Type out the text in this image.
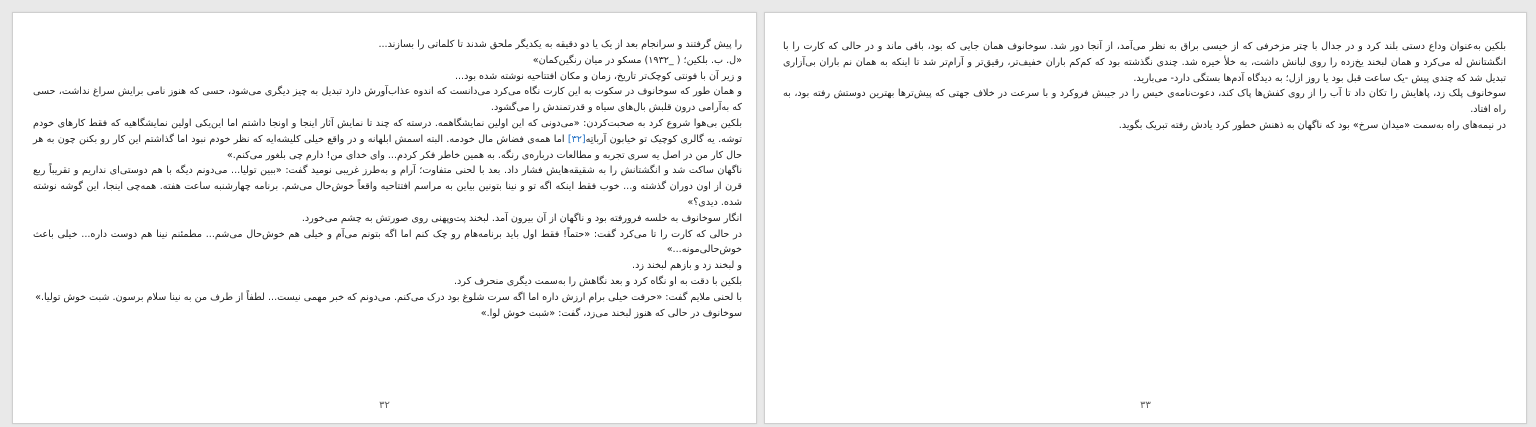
را پیش گرفتند و سرانجام بعد از یک یا دو دقیقه به یکدیگر ملحق شدند تا کلماتی را بسازند...

«ل. ب. بلکین؛ ( _۱۹۳۲) مسکو در میان رنگین‌کمان»

و زیر آن با فونتی کوچک‌تر تاریخ، زمان و مکان افتتاحیه نوشته شده بود...

و همان طور که سوخانوف در سکوت به این کارت نگاه می‌کرد می‌دانست که اندوه عذاب‌آورش دارد تبدیل به چیز دیگری می‌شود، حسی که هنوز نامی برایش سراغ نداشت، حسی که به‌آرامی درون قلبش بال‌های سیاه و قدرتمندش را می‌گشود.

بلکین بی‌هوا شروع کرد به صحبت‌کردن: «می‌دونی که این اولین نمایشگاهمه. درسته که چند تا نمایش آثار اینجا و اونجا داشتم اما این‌یکی اولین نمایشگاهیه که فقط کارهای خودم توشه. یه گالری کوچیک تو خیابون آرباتِه[۳۲] اما همه‌ی فضاش مال خودمه. البته اسمش ابلهانه و در واقع خیلی کلیشه‌ایه که نظر خودم نبود اما گذاشتم این کار رو بکنن چون به هر حال کار من در اصل یه سری تجربه و مطالعات درباره‌ی رنگه. به همین خاطر فکر کردم... وای خدای من! دارم چی بلغور می‌کنم.»

ناگهان ساکت شد و انگشتانش را به شقیقه‌هایش فشار داد. بعد با لحنی متفاوت؛ آرام و به‌طرز غریبی نومید گفت: «ببین تولیا... می‌دونم دیگه با هم دوستی‌ای نداریم و تقریباً ربع قرن از اون دوران گذشته و... خوب فقط اینکه اگه تو و نینا بتونین بیاین به مراسم افتتاحیه واقعاً خوش‌حال می‌شم. برنامه چهارشنبه ساعت هفته. همه‌چی اینجا، این گوشه نوشته شده. دیدی؟»

انگار سوخانوف به خلسه فرورفته بود و ناگهان از آن بیرون آمد. لبخند پت‌وپهنی روی صورتش به چشم می‌خورد.

در حالی که کارت را تا می‌کرد گفت: «حتماً! فقط اول باید برنامه‌هام رو چک کنم اما اگه بتونم می‌آم و خیلی هم خوش‌حال می‌شم... مطمئنم نینا هم دوست داره... خیلی باعث خوش‌حالی‌مونه...»

و لبخند زد و بازهم لبخند زد.

بلکین با دقت به او نگاه کرد و بعد نگاهش را به‌سمت دیگری منحرف کرد.

با لحنی ملایم گفت: «حرفت خیلی برام ارزش داره اما اگه سرت شلوغ بود درک می‌کنم. می‌دونم که خبر مهمی نیست... لطفاً از طرف من به نینا سلام برسون. شبت خوش تولیا.»

سوخانوف در حالی که هنوز لبخند می‌زد، گفت: «شبت خوش لوا.»

۳۲

بلکین به‌عنوان وداع دستی بلند کرد و در جدال با چتر مزخرفی که از خیسی براق به نظر می‌آمد، از آنجا دور شد. سوخانوف همان جایی که بود، باقی ماند و در حالی که کارت را با انگشتانش له می‌کرد و همان لبخند یخ‌زده را روی لبانش داشت، به خلأ خیره شد. چندی نگذشته بود که کم‌کم باران خفیف‌تر، رقیق‌تر و آرام‌تر شد تا اینکه به همان نم باران بی‌آزاری تبدیل شد که چندی پیش -یک ساعت قبل بود یا روز ازل؛ به دیدگاه آدم‌ها بستگی دارد- می‌بارید.

سوخانوف پلک زد، پاهایش را تکان داد تا آب را از روی کفش‌ها پاک کند، دعوت‌نامه‌ی خیس را در جیبش فروکرد و با سرعت در خلاف جهتی که پیش‌ترها بهترین دوستش رفته بود، به راه افتاد.

در نیمه‌های راه به‌سمت «میدان سرخ» بود که ناگهان به ذهنش خطور کرد یادش رفته تبریک بگوید.

۳۳
